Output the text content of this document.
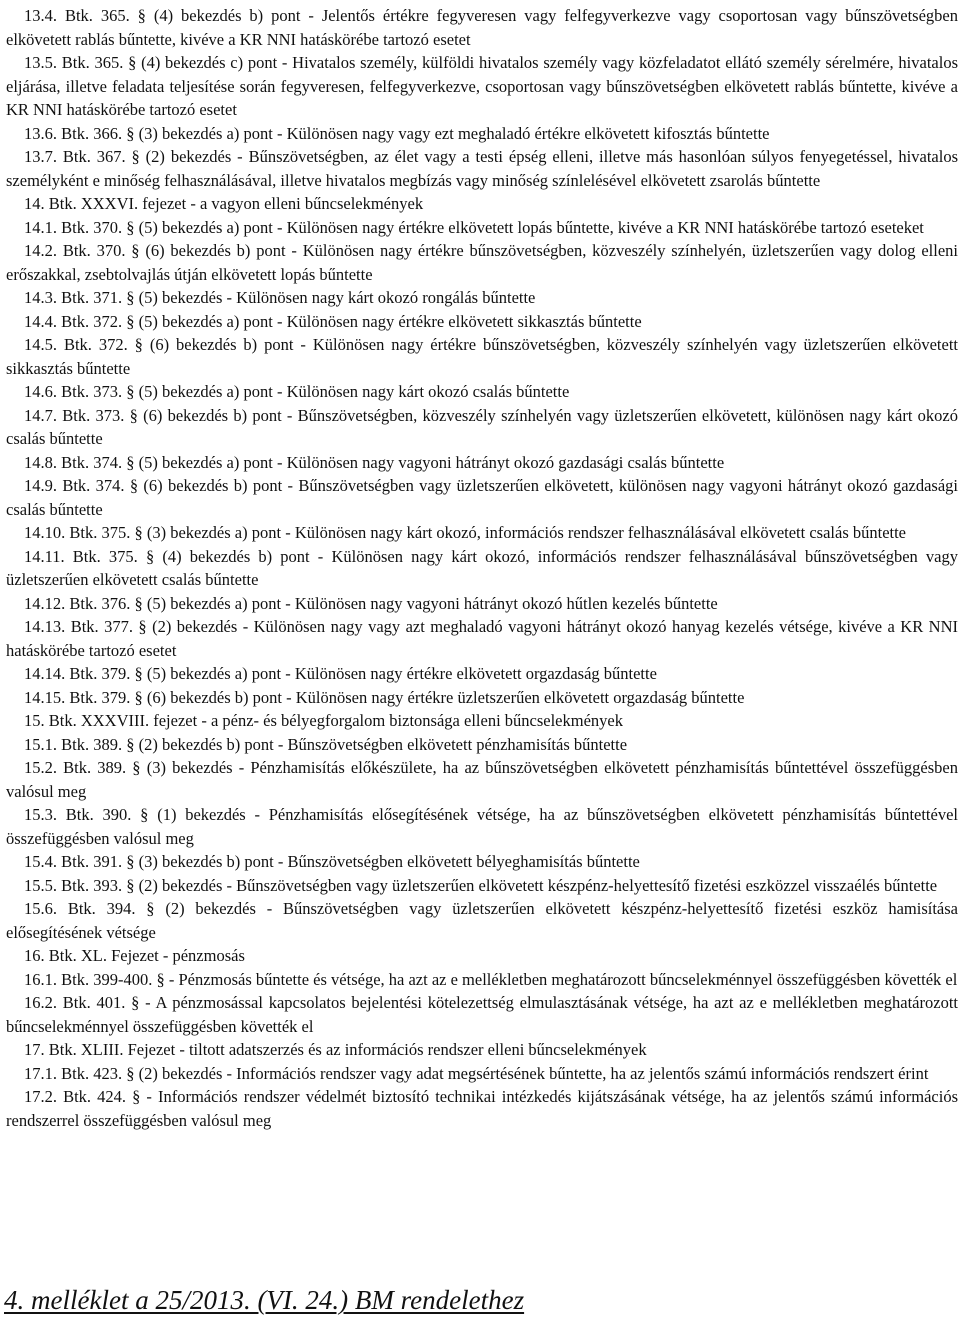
13.4. Btk. 365. § (4) bekezdés b) pont - Jelentős értékre fegyveresen vagy felfegyverkezve vagy csoportosan vagy bűnszövetségben elkövetett rablás bűntette, kivéve a KR NNI hatáskörébe tartozó esetet

13.5. Btk. 365. § (4) bekezdés c) pont - Hivatalos személy, külföldi hivatalos személy vagy közfeladatot ellátó személy sérelmére, hivatalos eljárása, illetve feladata teljesítése során fegyveresen, felfegyverkezve, csoportosan vagy bűnszövetségben elkövetett rablás bűntette, kivéve a KR NNI hatáskörébe tartozó esetet

13.6. Btk. 366. § (3) bekezdés a) pont - Különösen nagy vagy ezt meghaladó értékre elkövetett kifosztás bűntette

13.7. Btk. 367. § (2) bekezdés - Bűnszövetségben, az élet vagy a testi épség elleni, illetve más hasonlóan súlyos fenyegetéssel, hivatalos személyként e minőség felhasználásával, illetve hivatalos megbízás vagy minőség színlelésével elkövetett zsarolás bűntette

14. Btk. XXXVI. fejezet - a vagyon elleni bűncselekmények

14.1. Btk. 370. § (5) bekezdés a) pont - Különösen nagy értékre elkövetett lopás bűntette, kivéve a KR NNI hatáskörébe tartozó eseteket

14.2. Btk. 370. § (6) bekezdés b) pont - Különösen nagy értékre bűnszövetségben, közveszély színhelyén, üzletszerűen vagy dolog elleni erőszakkal, zsebtolvajlás útján elkövetett lopás bűntette

14.3. Btk. 371. § (5) bekezdés - Különösen nagy kárt okozó rongálás bűntette

14.4. Btk. 372. § (5) bekezdés a) pont - Különösen nagy értékre elkövetett sikkasztás bűntette

14.5. Btk. 372. § (6) bekezdés b) pont - Különösen nagy értékre bűnszövetségben, közveszély színhelyén vagy üzletszerűen elkövetett sikkasztás bűntette

14.6. Btk. 373. § (5) bekezdés a) pont - Különösen nagy kárt okozó csalás bűntette

14.7. Btk. 373. § (6) bekezdés b) pont - Bűnszövetségben, közveszély színhelyén vagy üzletszerűen elkövetett, különösen nagy kárt okozó csalás bűntette

14.8. Btk. 374. § (5) bekezdés a) pont - Különösen nagy vagyoni hátrányt okozó gazdasági csalás bűntette

14.9. Btk. 374. § (6) bekezdés b) pont - Bűnszövetségben vagy üzletszerűen elkövetett, különösen nagy vagyoni hátrányt okozó gazdasági csalás bűntette

14.10. Btk. 375. § (3) bekezdés a) pont - Különösen nagy kárt okozó, információs rendszer felhasználásával elkövetett csalás bűntette

14.11. Btk. 375. § (4) bekezdés b) pont - Különösen nagy kárt okozó, információs rendszer felhasználásával bűnszövetségben vagy üzletszerűen elkövetett csalás bűntette

14.12. Btk. 376. § (5) bekezdés a) pont - Különösen nagy vagyoni hátrányt okozó hűtlen kezelés bűntette

14.13. Btk. 377. § (2) bekezdés - Különösen nagy vagy azt meghaladó vagyoni hátrányt okozó hanyag kezelés vétsége, kivéve a KR NNI hatáskörébe tartozó esetet

14.14. Btk. 379. § (5) bekezdés a) pont - Különösen nagy értékre elkövetett orgazdaság bűntette

14.15. Btk. 379. § (6) bekezdés b) pont - Különösen nagy értékre üzletszerűen elkövetett orgazdaság bűntette

15. Btk. XXXVIII. fejezet - a pénz- és bélyegforgalom biztonsága elleni bűncselekmények

15.1. Btk. 389. § (2) bekezdés b) pont - Bűnszövetségben elkövetett pénzhamisítás bűntette

15.2. Btk. 389. § (3) bekezdés - Pénzhamisítás előkészülete, ha az bűnszövetségben elkövetett pénzhamisítás bűntettével összefüggésben valósul meg

15.3. Btk. 390. § (1) bekezdés - Pénzhamisítás elősegítésének vétsége, ha az bűnszövetségben elkövetett pénzhamisítás bűntettével összefüggésben valósul meg

15.4. Btk. 391. § (3) bekezdés b) pont - Bűnszövetségben elkövetett bélyeghamisítás bűntette

15.5. Btk. 393. § (2) bekezdés - Bűnszövetségben vagy üzletszerűen elkövetett készpénz-helyettesítő fizetési eszközzel visszaélés bűntette

15.6. Btk. 394. § (2) bekezdés - Bűnszövetségben vagy üzletszerűen elkövetett készpénz-helyettesítő fizetési eszköz hamisítása elősegítésének vétsége

16. Btk. XL. Fejezet - pénzmosás

16.1. Btk. 399-400. § - Pénzmosás bűntette és vétsége, ha azt az e mellékletben meghatározott bűncselekménnyel összefüggésben követték el

16.2. Btk. 401. § - A pénzmosással kapcsolatos bejelentési kötelezettség elmulasztásának vétsége, ha azt az e mellékletben meghatározott bűncselekménnyel összefüggésben követték el

17. Btk. XLIII. Fejezet - tiltott adatszerzés és az információs rendszer elleni bűncselekmények

17.1. Btk. 423. § (2) bekezdés - Információs rendszer vagy adat megsértésének bűntette, ha az jelentős számú információs rendszert érint

17.2. Btk. 424. § - Információs rendszer védelmét biztosító technikai intézkedés kijátszásának vétsége, ha az jelentős számú információs rendszerrel összefüggésben valósul meg

4. melléklet a 25/2013. (VI. 24.) BM rendelethez
